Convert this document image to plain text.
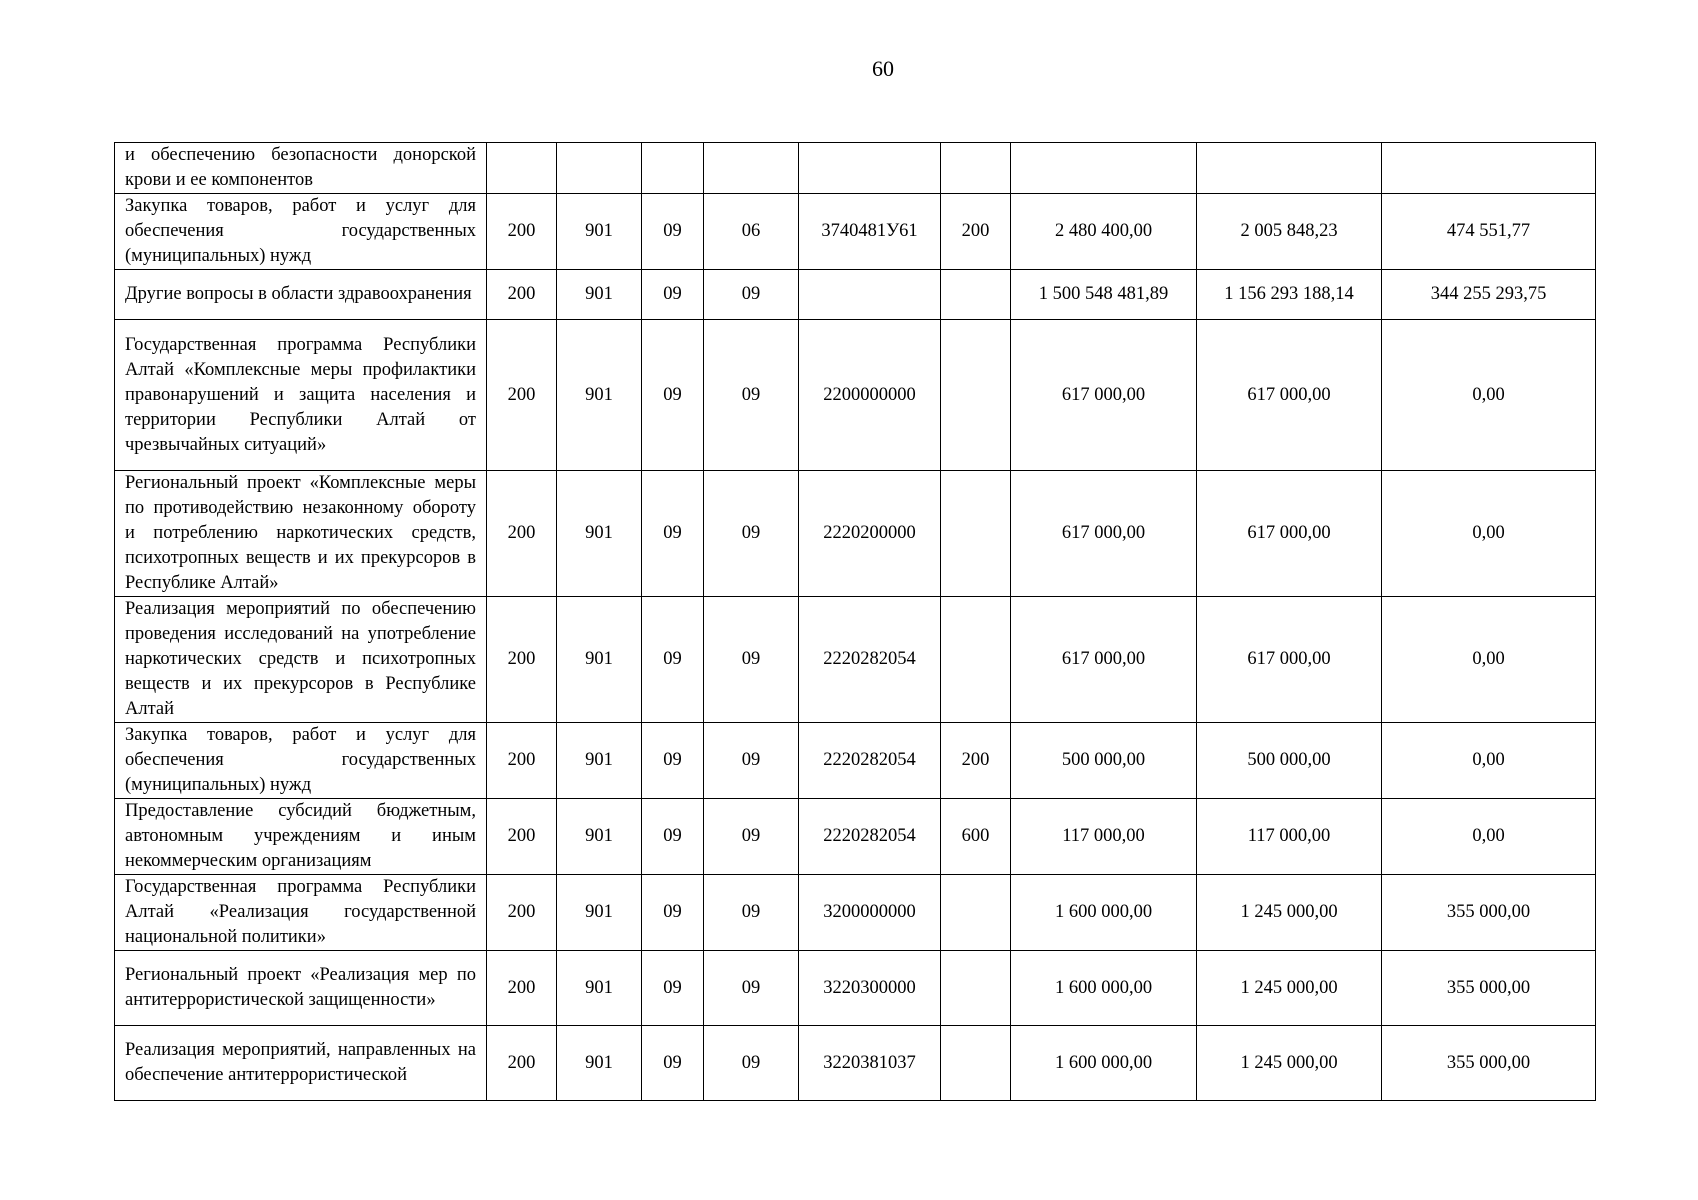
60
и обеспечению безопасности донорской крови и ее компонентов									
Закупка товаров, работ и услуг для обеспечения государственных (муниципальных) нужд	200	901	09	06	3740481У61	200	2 480 400,00	2 005 848,23	474 551,77
Другие вопросы в области здравоохранения	200	901	09	09			1 500 548 481,89	1 156 293 188,14	344 255 293,75
Государственная программа Республики Алтай «Комплексные меры профилактики правонарушений и защита населения и территории Республики Алтай от чрезвычайных ситуаций»	200	901	09	09	2200000000		617 000,00	617 000,00	0,00
Региональный проект «Комплексные меры по противодействию незаконному обороту и потреблению наркотических средств, психотропных веществ и их прекурсоров в Республике Алтай»	200	901	09	09	2220200000		617 000,00	617 000,00	0,00
Реализация мероприятий по обеспечению проведения исследований на употребление наркотических средств и психотропных веществ и их прекурсоров в Республике Алтай	200	901	09	09	2220282054		617 000,00	617 000,00	0,00
Закупка товаров, работ и услуг для обеспечения государственных (муниципальных) нужд	200	901	09	09	2220282054	200	500 000,00	500 000,00	0,00
Предоставление субсидий бюджетным, автономным учреждениям и иным некоммерческим организациям	200	901	09	09	2220282054	600	117 000,00	117 000,00	0,00
Государственная программа Республики Алтай «Реализация государственной национальной политики»	200	901	09	09	3200000000		1 600 000,00	1 245 000,00	355 000,00
Региональный проект «Реализация мер по антитеррористической защищенности»	200	901	09	09	3220300000		1 600 000,00	1 245 000,00	355 000,00
Реализация мероприятий, направленных на обеспечение антитеррористической	200	901	09	09	3220381037		1 600 000,00	1 245 000,00	355 000,00
